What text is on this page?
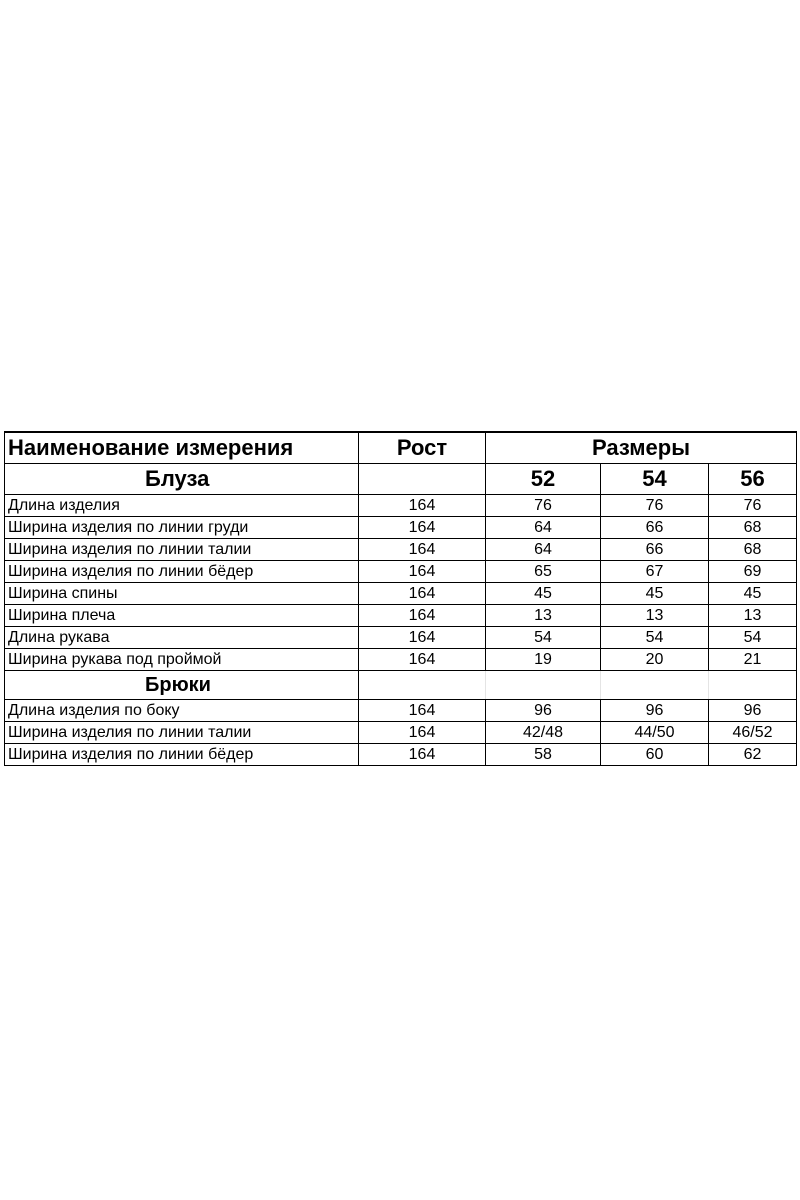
Наименование измерения	Рост	Размеры		
Блуза		52	54	56
Длина изделия	164	76	76	76
Ширина изделия по линии груди	164	64	66	68
Ширина изделия по линии талии	164	64	66	68
Ширина изделия по линии бёдер	164	65	67	69
Ширина спины	164	45	45	45
Ширина плеча	164	13	13	13
Длина рукава	164	54	54	54
Ширина рукава под проймой	164	19	20	21
Брюки				
Длина изделия по боку	164	96	96	96
Ширина изделия по линии талии	164	42/48	44/50	46/52
Ширина изделия по линии бёдер	164	58	60	62
